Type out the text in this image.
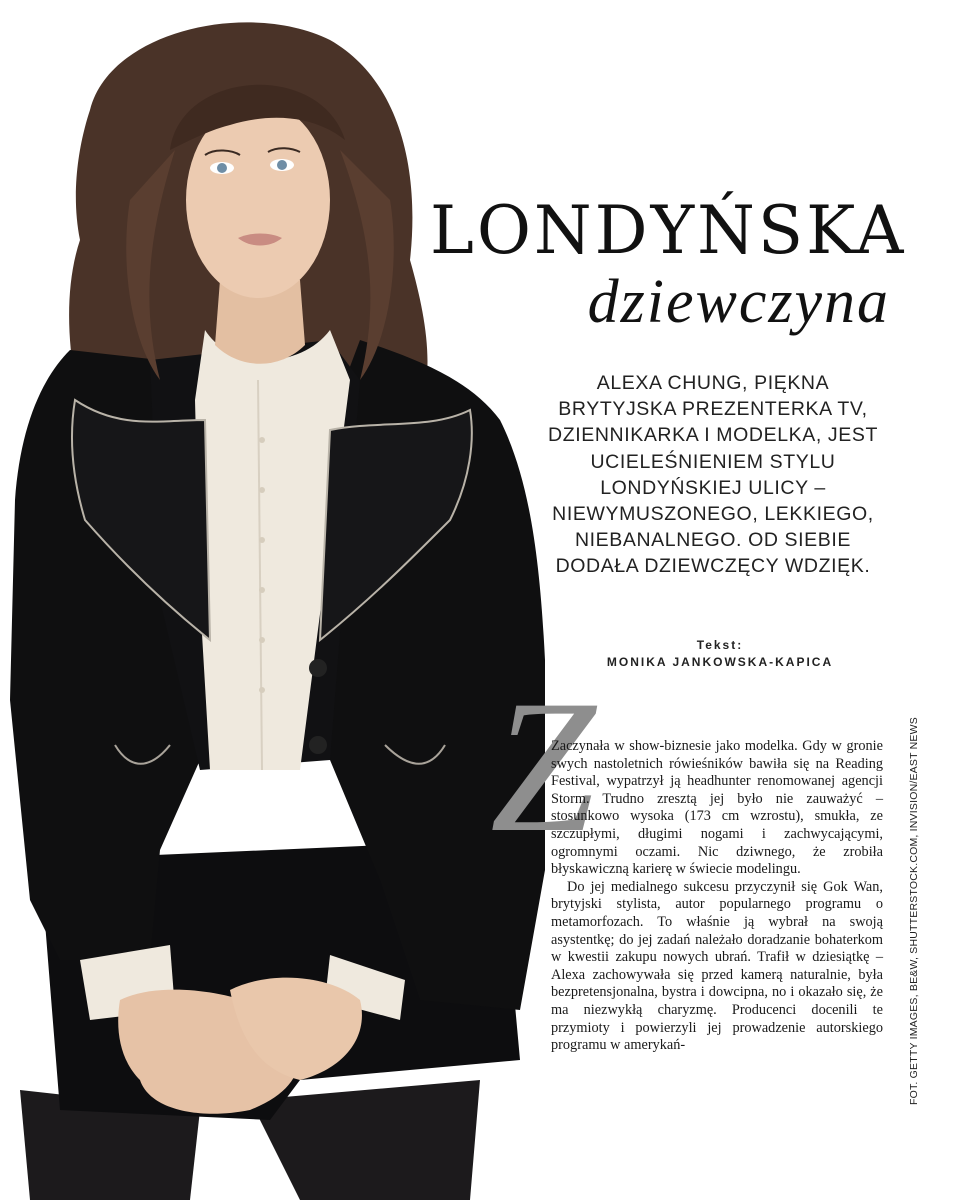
LONDYŃSKA
dziewczyna
ALEXA CHUNG, PIĘKNA BRYTYJSKA PREZENTERKA TV, DZIENNIKARKA I MODELKA, JEST UCIELEŚNIENIEM STYLU LONDYŃSKIEJ ULICY – NIEWYMUSZONEGO, LEKKIEGO, NIEBANALNEGO. OD SIEBIE DODAŁA DZIEWCZĘCY WDZIĘK.
Tekst:
MONIKA JANKOWSKA-KAPICA
Z

Zaczynała w show-biznesie jako modelka. Gdy w gronie swych nastoletnich rówieśników bawiła się na Reading Festival, wypatrzył ją headhunter renomowanej agencji Storm. Trudno zresztą jej było nie zauważyć – stosunkowo wysoka (173 cm wzrostu), smukła, ze szczupłymi, długimi nogami i zachwycającymi, ogromnymi oczami. Nic dziwnego, że zrobiła błyskawiczną karierę w świecie modelingu.

Do jej medialnego sukcesu przyczynił się Gok Wan, brytyjski stylista, autor popularnego programu o metamorfozach. To właśnie ją wybrał na swoją asystentkę; do jej zadań należało doradzanie bohaterkom w kwestii zakupu nowych ubrań. Trafił w dziesiątkę – Alexa zachowywała się przed kamerą naturalnie, była bezpretensjonalna, bystra i dowcipna, no i okazało się, że ma niezwykłą charyzmę. Producenci docenili te przymioty i powierzyli jej prowadzenie autorskiego programu w amerykań-	FOT. GETTY IMAGES, BE&W, SHUTTERSTOCK.COM, INVISION/EAST NEWS
